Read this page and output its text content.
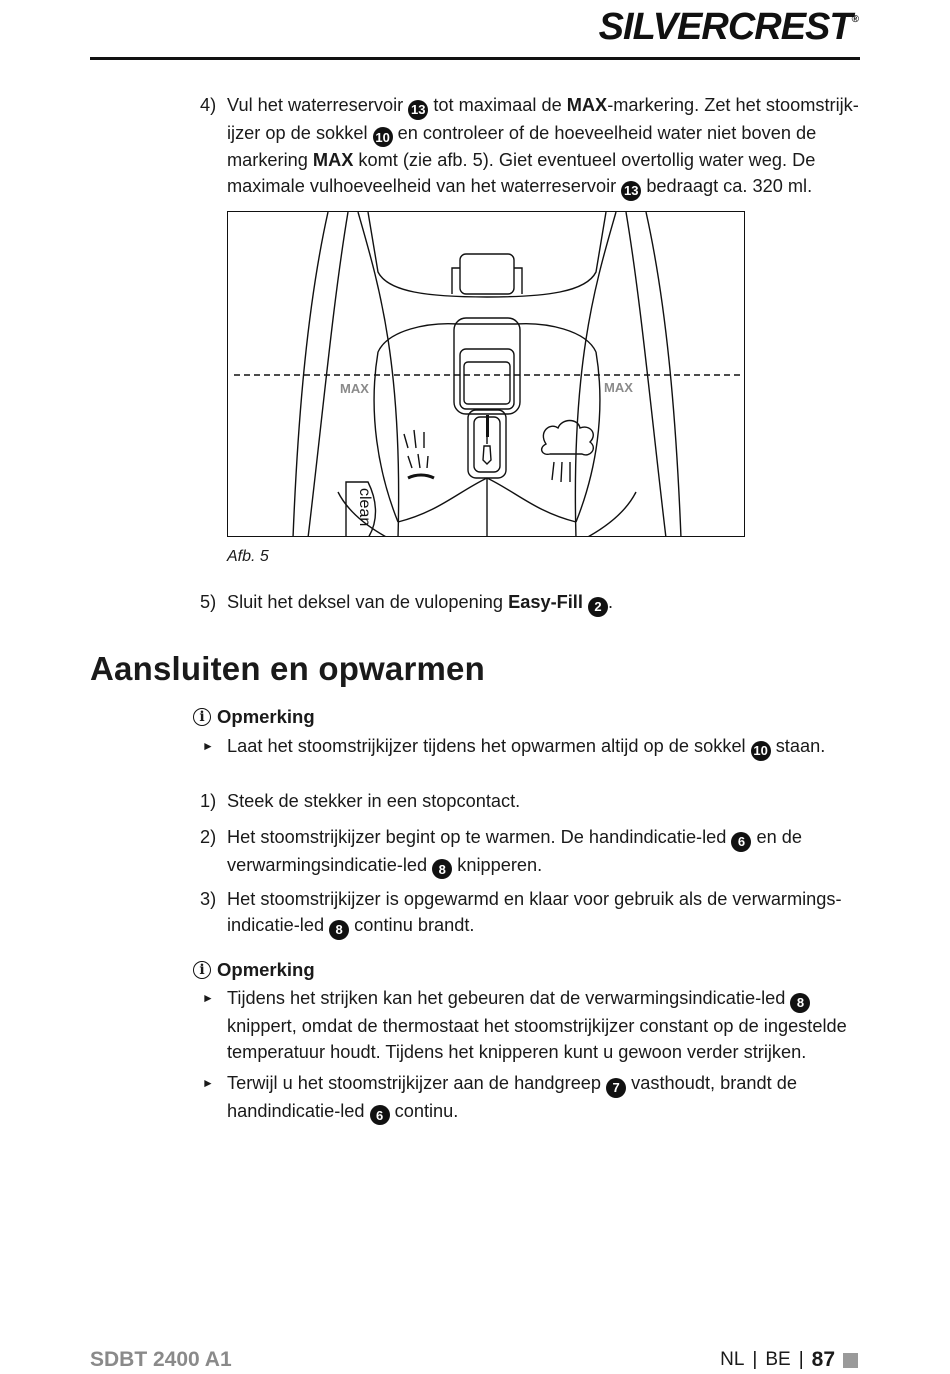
SILVERCREST®
4) Vul het waterreservoir 13 tot maximaal de MAX-markering. Zet het stoomstrijk-
ijzer op de sokkel 10 en controleer of de hoeveelheid water niet boven de
markering MAX komt (zie afb. 5). Giet eventueel overtollig water weg. De
maximale vulhoeveelheid van het waterreservoir 13 bedraagt ca. 320 ml.
MAX	MAX
clean
Afb. 5
5) Sluit het deksel van de vulopening Easy-Fill 2 .
Aansluiten en opwarmen
i Opmerking
► Laat het stoomstrijkijzer tijdens het opwarmen altijd op de sokkel 10 staan.
1) Steek de stekker in een stopcontact.
2) Het stoomstrijkijzer begint op te warmen. De handindicatie-led 6 en de
verwarmingsindicatie-led 8 knipperen.
3) Het stoomstrijkijzer is opgewarmd en klaar voor gebruik als de verwarmings-
indicatie-led 8 continu brandt.
i Opmerking
► Tijdens het strijken kan het gebeuren dat de verwarmingsindicatie-led 8
knippert, omdat de thermostaat het stoomstrijkijzer constant op de ingestelde
temperatuur houdt. Tijdens het knipperen kunt u gewoon verder strijken.
► Terwijl u het stoomstrijkijzer aan de handgreep 7 vasthoudt, brandt de
handindicatie-led 6 continu.
SDBT 2400 A1	NL | BE | 87
